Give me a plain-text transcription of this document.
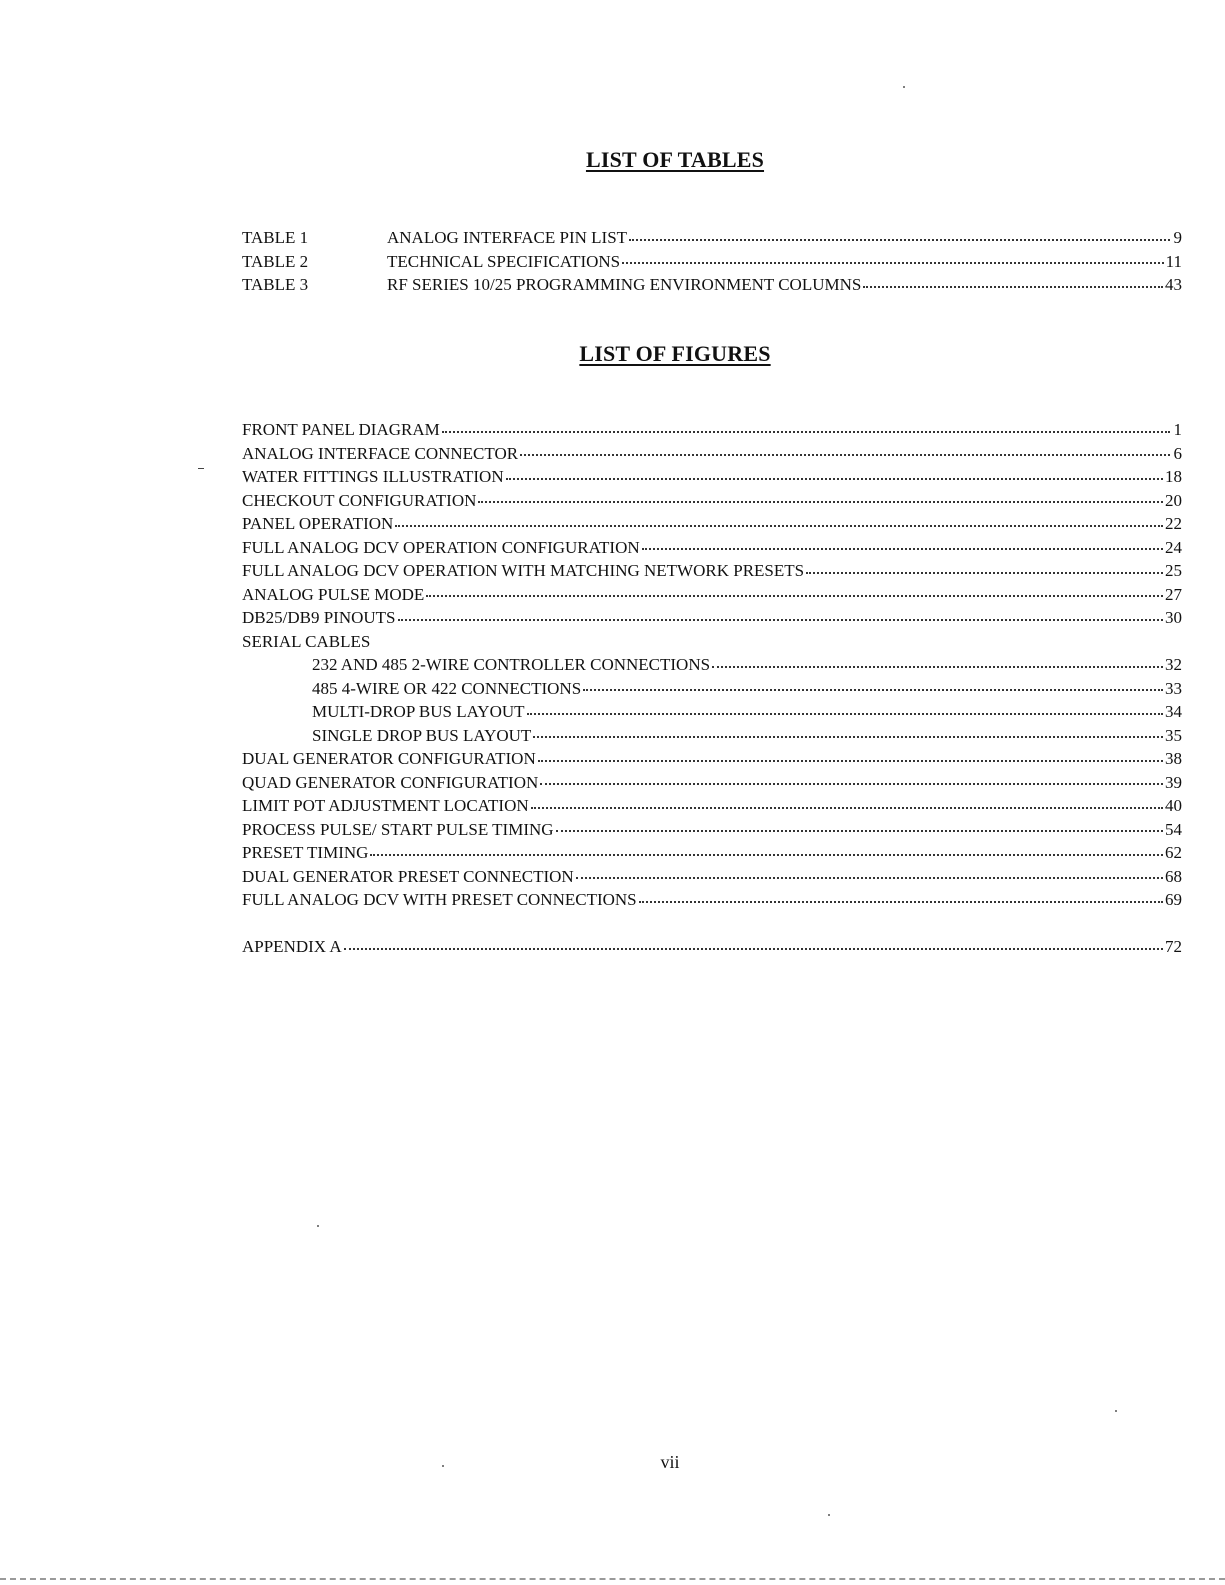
LIST OF TABLES
TABLE 1	ANALOG INTERFACE PIN LIST	9
TABLE 2	TECHNICAL SPECIFICATIONS	11
TABLE 3	RF SERIES 10/25 PROGRAMMING ENVIRONMENT COLUMNS	43
LIST OF FIGURES
FRONT PANEL DIAGRAM	1
ANALOG INTERFACE CONNECTOR	6
WATER FITTINGS ILLUSTRATION	18
CHECKOUT CONFIGURATION	20
PANEL OPERATION	22
FULL ANALOG DCV OPERATION CONFIGURATION	24
FULL ANALOG DCV OPERATION WITH MATCHING NETWORK PRESETS	25
ANALOG PULSE MODE	27
DB25/DB9 PINOUTS	30
SERIAL CABLES
232 AND 485 2-WIRE CONTROLLER CONNECTIONS	32
485 4-WIRE OR 422 CONNECTIONS	33
MULTI-DROP BUS LAYOUT	34
SINGLE DROP BUS LAYOUT	35
DUAL GENERATOR CONFIGURATION	38
QUAD GENERATOR CONFIGURATION	39
LIMIT POT ADJUSTMENT LOCATION	40
PROCESS PULSE/ START PULSE TIMING	54
PRESET TIMING	62
DUAL GENERATOR PRESET CONNECTION	68
FULL ANALOG DCV WITH PRESET CONNECTIONS	69
APPENDIX A	72
vii
